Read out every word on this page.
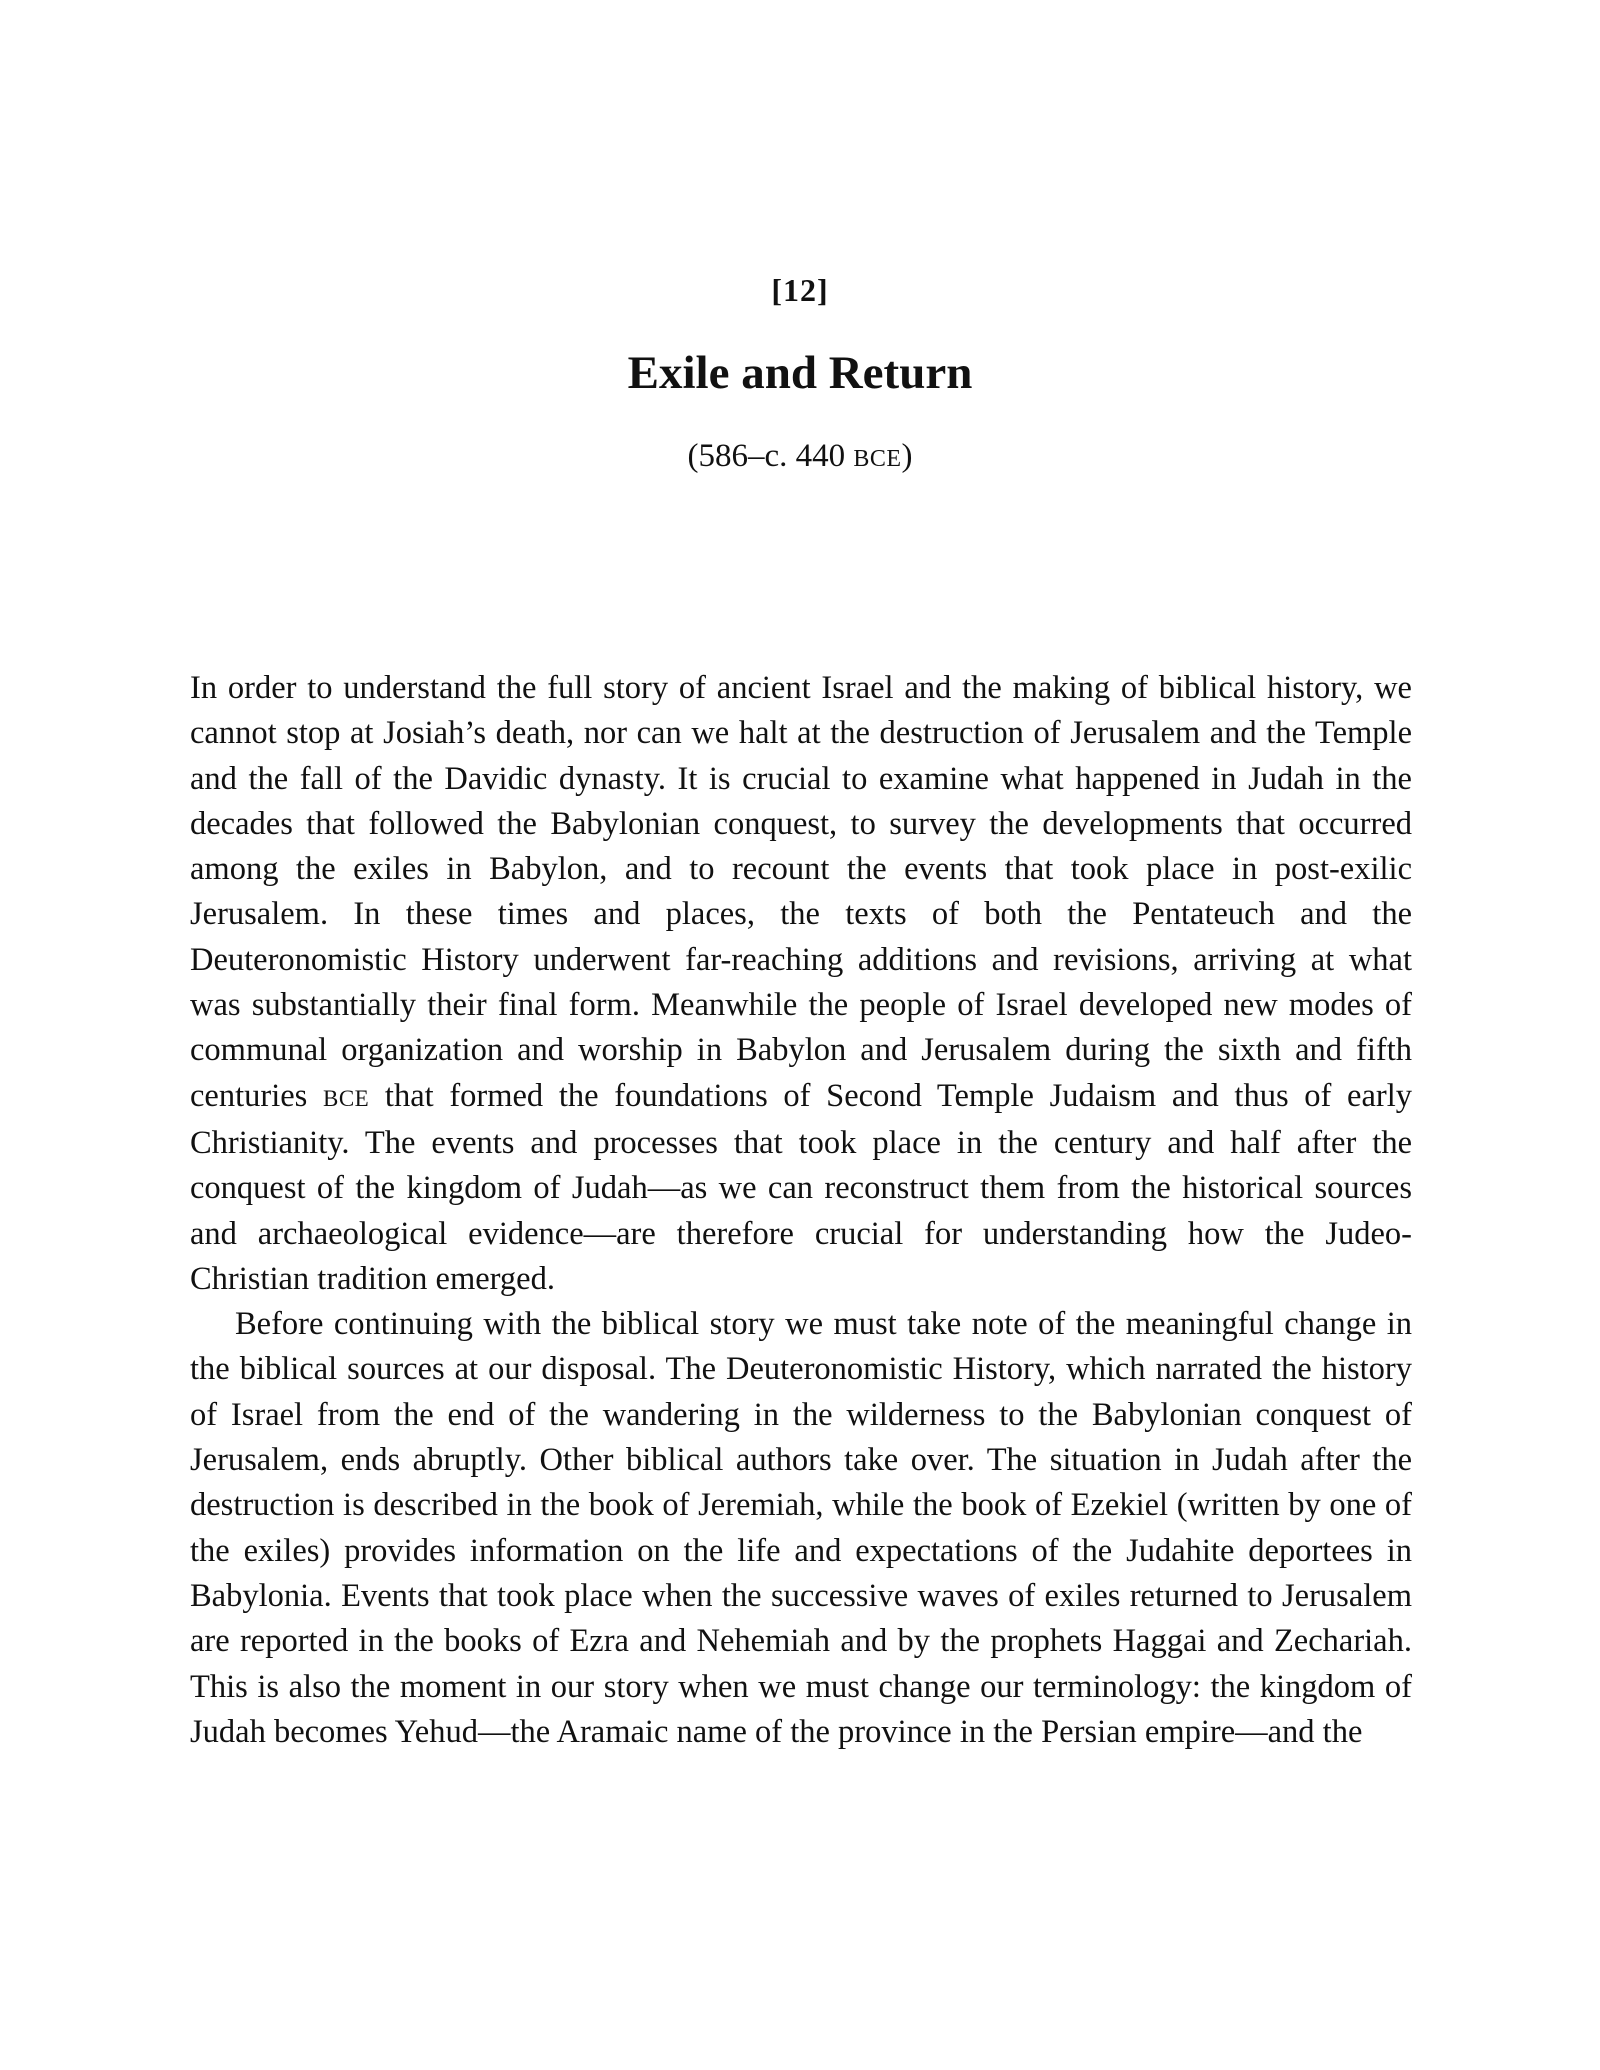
[12]
Exile and Return
(586–c. 440 BCE)

In order to understand the full story of ancient Israel and the making of biblical history, we cannot stop at Josiah’s death, nor can we halt at the destruction of Jerusalem and the Temple and the fall of the Davidic dynasty. It is crucial to examine what happened in Judah in the decades that followed the Babylonian conquest, to survey the developments that occurred among the exiles in Babylon, and to recount the events that took place in post-exilic Jerusalem. In these times and places, the texts of both the Pentateuch and the Deuteronomistic History underwent far-reaching additions and revisions, arriving at what was substantially their final form. Meanwhile the people of Israel developed new modes of communal organization and worship in Babylon and Jerusalem during the sixth and fifth centuries BCE that formed the foundations of Second Temple Judaism and thus of early Christianity. The events and processes that took place in the century and half after the conquest of the kingdom of Judah—as we can reconstruct them from the historical sources and archaeological evidence—are therefore crucial for understanding how the Judeo-Christian tradition emerged.

Before continuing with the biblical story we must take note of the meaningful change in the biblical sources at our disposal. The Deuteronomistic History, which narrated the history of Israel from the end of the wandering in the wilderness to the Babylonian conquest of Jerusalem, ends abruptly. Other biblical authors take over. The situation in Judah after the destruction is described in the book of Jeremiah, while the book of Ezekiel (written by one of the exiles) provides information on the life and expectations of the Judahite deportees in Babylonia. Events that took place when the successive waves of exiles returned to Jerusalem are reported in the books of Ezra and Nehemiah and by the prophets Haggai and Zechariah. This is also the moment in our story when we must change our terminology: the kingdom of Judah becomes Yehud—the Aramaic name of the province in the Persian empire—and the
